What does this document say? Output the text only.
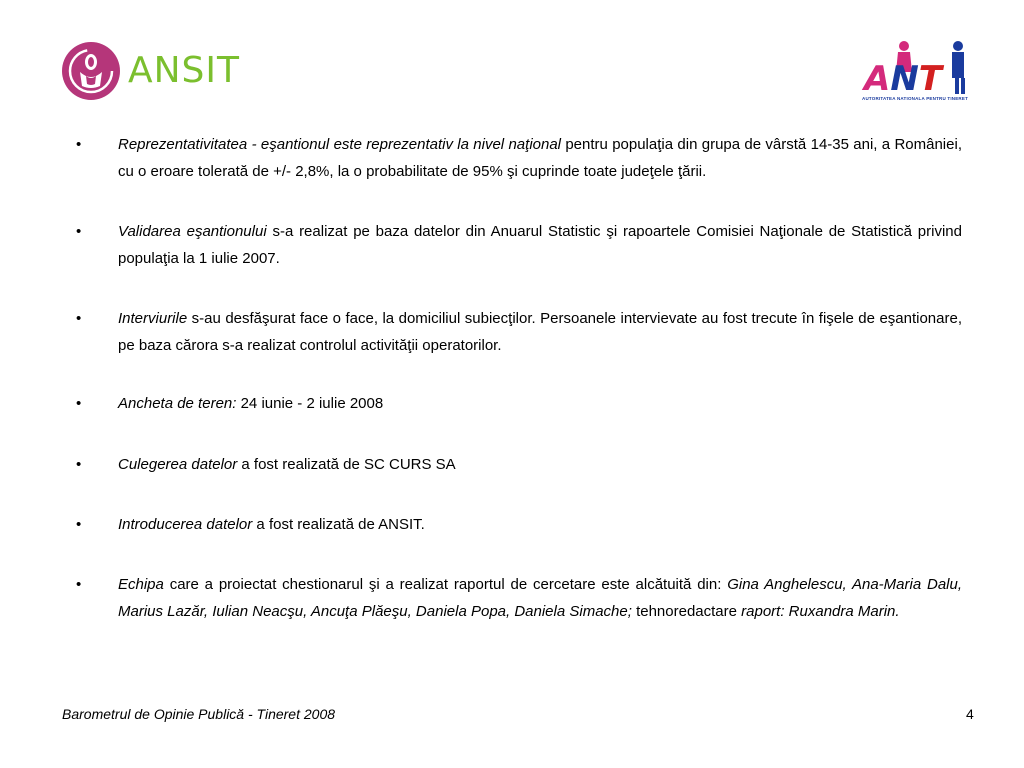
ANSIT	ANT
AUTORITATEA NATIONALA PENTRU TINERET
• Reprezentativitatea - eşantionul este reprezentativ la nivel naţional pentru populaţia din grupa de vârstă 14-35 ani, a României, cu o eroare tolerată de +/- 2,8%, la o probabilitate de 95% şi cuprinde toate judeţele ţării.
• Validarea eşantionului s-a realizat pe baza datelor din Anuarul Statistic şi rapoartele Comisiei Naţionale de Statistică privind populaţia la 1 iulie 2007.
• Interviurile s-au desfăşurat face o face, la domiciliul subiecţilor. Persoanele intervievate au fost trecute în fişele de eşantionare, pe baza cărora s-a realizat controlul activităţii operatorilor.
• Ancheta de teren: 24 iunie - 2 iulie 2008
• Culegerea datelor a fost realizată de SC CURS SA
• Introducerea datelor a fost realizată de ANSIT.
• Echipa care a proiectat chestionarul şi a realizat raportul de cercetare este alcătuită din: Gina Anghelescu, Ana-Maria Dalu, Marius Lazăr, Iulian Neacşu, Ancuţa Plăeşu, Daniela Popa, Daniela Simache; tehnoredactare raport: Ruxandra Marin.
Barometrul de Opinie Publică - Tineret 2008	4
